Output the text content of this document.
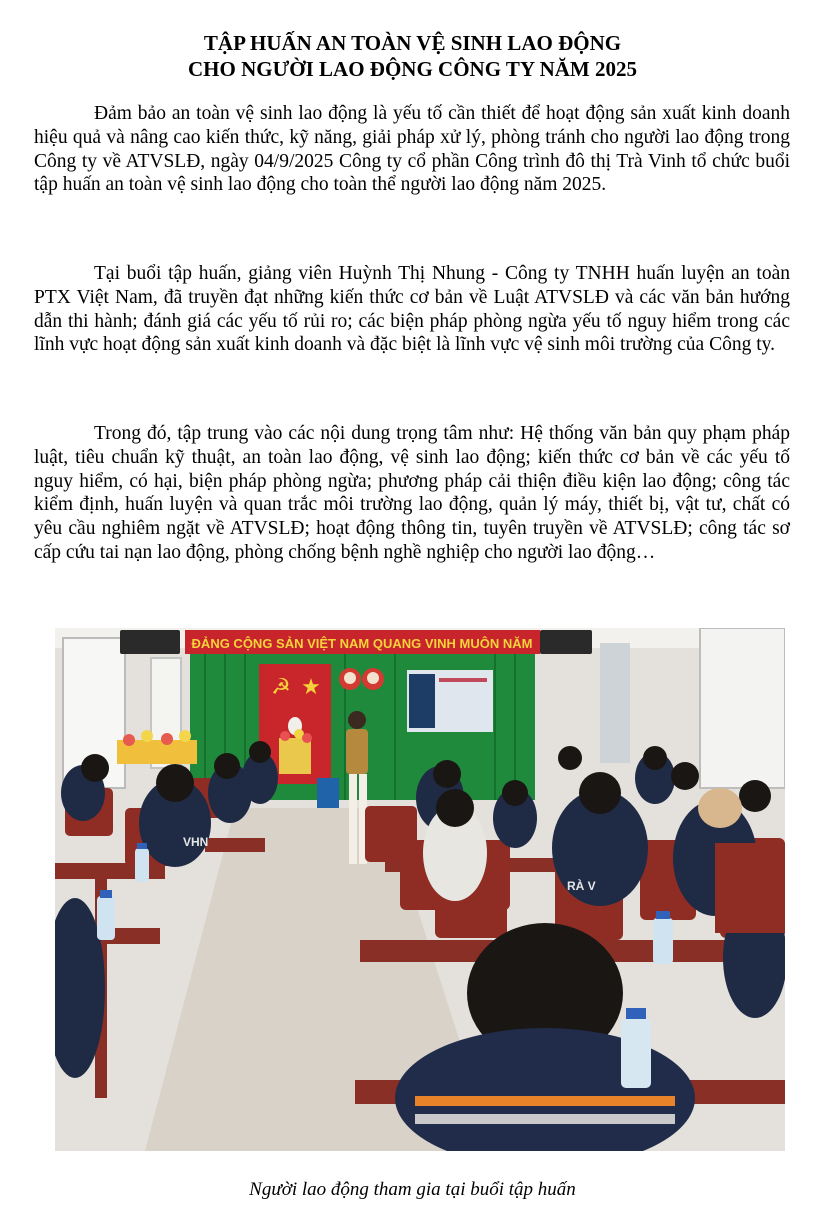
TẬP HUẤN AN TOÀN VỆ SINH LAO ĐỘNG
CHO NGƯỜI LAO ĐỘNG CÔNG TY NĂM 2025

Đảm bảo an toàn vệ sinh lao động là yếu tố cần thiết để hoạt động sản xuất kinh doanh hiệu quả và nâng cao kiến thức, kỹ năng, giải pháp xử lý, phòng tránh cho người lao động trong Công ty về ATVSLĐ, ngày 04/9/2025 Công ty cổ phần Công trình đô thị Trà Vinh tổ chức buổi tập huấn an toàn vệ sinh lao động cho toàn thể người lao động năm 2025.

Tại buổi tập huấn, giảng viên Huỳnh Thị Nhung - Công ty TNHH huấn luyện an toàn PTX Việt Nam, đã truyền đạt những kiến thức cơ bản về Luật ATVSLĐ và các văn bản hướng dẫn thi hành; đánh giá các yếu tố rủi ro; các biện pháp phòng ngừa yếu tố nguy hiểm trong các lĩnh vực hoạt động sản xuất kinh doanh và đặc biệt là lĩnh vực vệ sinh môi trường của Công ty.

Trong đó, tập trung vào các nội dung trọng tâm như: Hệ thống văn bản quy phạm pháp luật, tiêu chuẩn kỹ thuật, an toàn lao động, vệ sinh lao động; kiến thức cơ bản về các yếu tố nguy hiểm, có hại, biện pháp phòng ngừa; phương pháp cải thiện điều kiện lao động; công tác kiểm định, huấn luyện và quan trắc môi trường lao động, quản lý máy, thiết bị, vật tư, chất có yêu cầu nghiêm ngặt về ATVSLĐ; hoạt động thông tin, tuyên truyền về ATVSLĐ; công tác sơ cấp cứu tai nạn lao động, phòng chống bệnh nghề nghiệp cho người lao động…

ĐẢNG CỘNG SẢN VIỆT NAM QUANG VINH MUÔN NĂM
☭ ★
VHN
RÀ V
Người lao động tham gia tại buổi tập huấn
